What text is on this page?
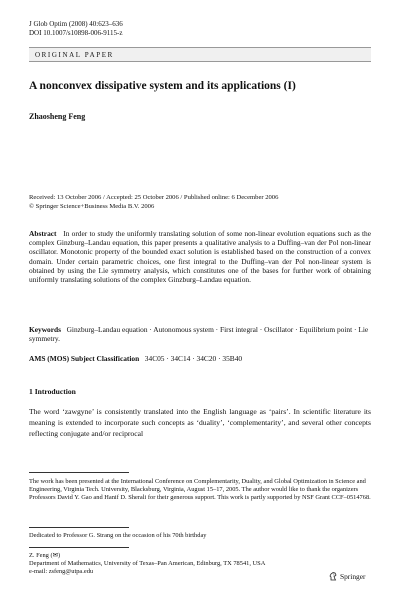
J Glob Optim (2008) 40:623–636
DOI 10.1007/s10898-006-9115-z
ORIGINAL PAPER
A nonconvex dissipative system and its applications (I)
Zhaosheng Feng
Received: 13 October 2006 / Accepted: 25 October 2006 / Published online: 6 December 2006
© Springer Science+Business Media B.V. 2006
Abstract In order to study the uniformly translating solution of some non-linear evolution equations such as the complex Ginzburg–Landau equation, this paper presents a qualitative analysis to a Duffing–van der Pol non-linear oscillator. Monotonic property of the bounded exact solution is established based on the construction of a convex domain. Under certain parametric choices, one first integral to the Duffing–van der Pol non-linear system is obtained by using the Lie symmetry analysis, which constitutes one of the bases for further work of obtaining uniformly translating solutions of the complex Ginzburg–Landau equation.
Keywords Ginzburg–Landau equation · Autonomous system · First integral · Oscillator · Equilibrium point · Lie symmetry.
AMS (MOS) Subject Classification 34C05 · 34C14 · 34C20 · 35B40
1 Introduction
The word ‘zawgyne’ is consistently translated into the English language as ‘pairs’. In scientific literature its meaning is extended to incorporate such concepts as ‘duality’, ‘complementarity’, and several other concepts reflecting conjugate and/or reciprocal
The work has been presented at the International Conference on Complementarity, Duality, and Global Optimization in Science and Engineering, Virginia Tech. University, Blacksburg, Virginia, August 15–17, 2005. The author would like to thank the organizers Professors David Y. Gao and Hanif D. Sherali for their generous support. This work is partly supported by NSF Grant CCF–0514768.
Dedicated to Professor G. Strang on the occasion of his 70th birthday
Z. Feng (✉)
Department of Mathematics, University of Texas–Pan American, Edinburg, TX 78541, USA
e-mail: zsfeng@utpa.edu
Springer
